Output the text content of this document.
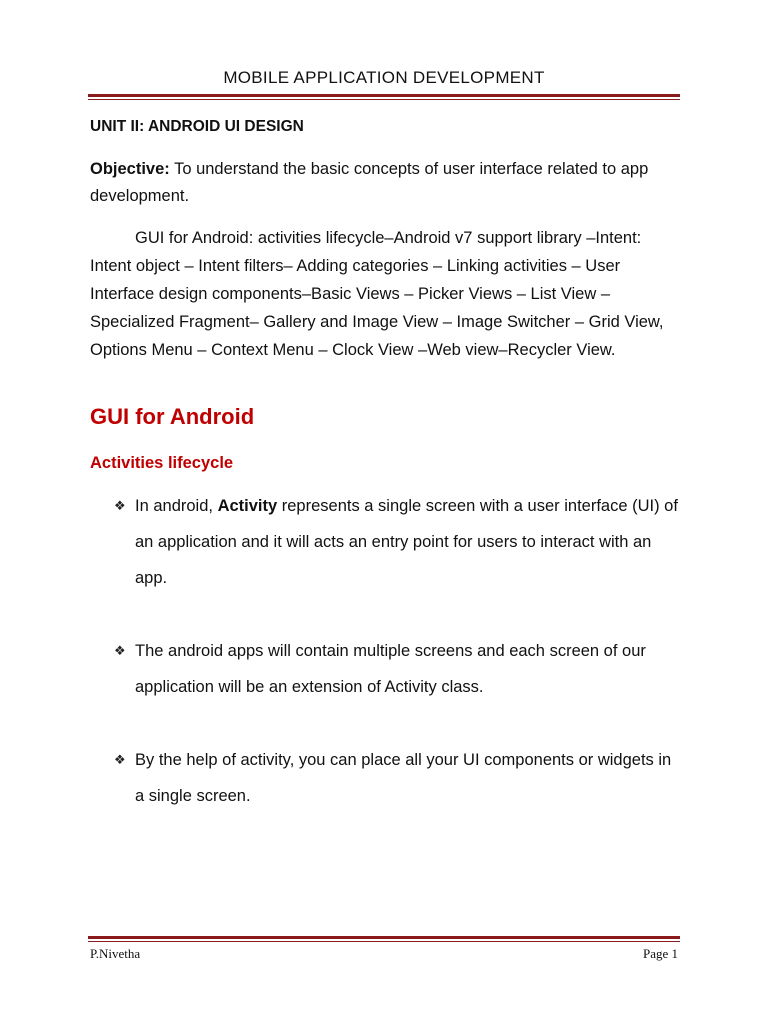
MOBILE APPLICATION DEVELOPMENT
UNIT II: ANDROID UI DESIGN
Objective: To understand the basic concepts of user interface related to app development.
GUI for Android: activities lifecycle–Android v7 support library –Intent: Intent object – Intent filters– Adding categories – Linking activities – User Interface design components–Basic Views – Picker Views – List View – Specialized Fragment– Gallery and Image View – Image Switcher – Grid View, Options Menu – Context Menu – Clock View –Web view–Recycler View.
GUI for Android
Activities lifecycle
❖ In android, Activity represents a single screen with a user interface (UI) of an application and it will acts an entry point for users to interact with an app.
❖ The android apps will contain multiple screens and each screen of our application will be an extension of Activity class.
❖ By the help of activity, you can place all your UI components or widgets in a single screen.
P.Nivetha	Page 1
